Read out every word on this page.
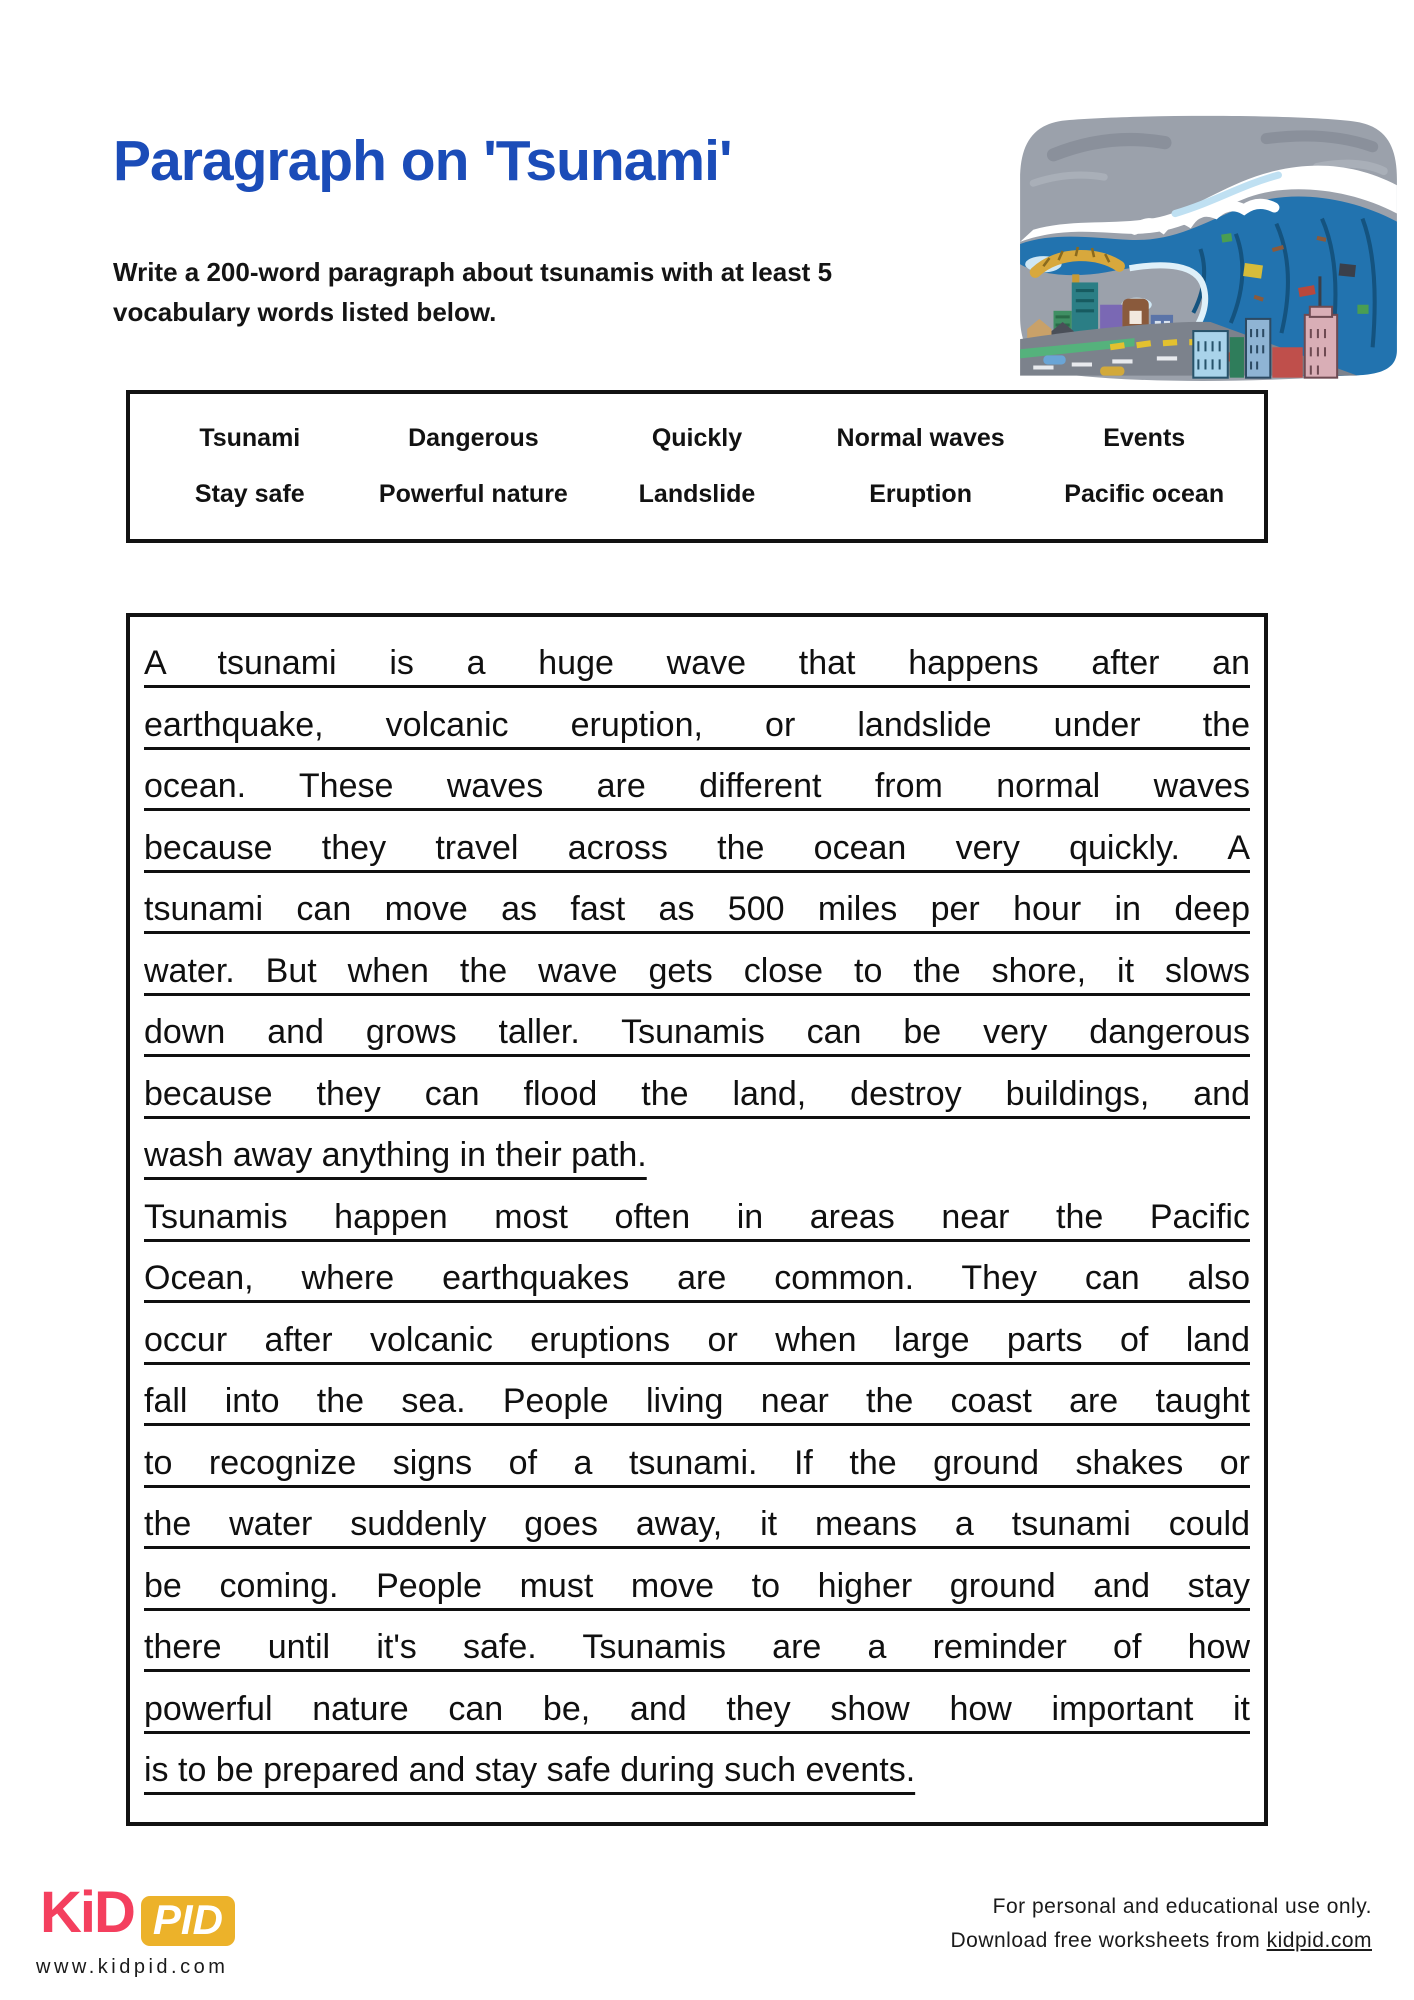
Paragraph on 'Tsunami'
Write a 200-word paragraph about tsunamis with at least 5
vocabulary words listed below.
Tsunami	Dangerous	Quickly	Normal waves	Events
Stay safe	Powerful nature	Landslide	Eruption	Pacific ocean
A tsunami is a huge wave that happens after an
earthquake, volcanic eruption, or landslide under the
ocean. These waves are different from normal waves
because they travel across the ocean very quickly. A
tsunami can move as fast as 500 miles per hour in deep
water. But when the wave gets close to the shore, it slows
down and grows taller. Tsunamis can be very dangerous
because they can flood the land, destroy buildings, and
wash away anything in their path.
Tsunamis happen most often in areas near the Pacific
Ocean, where earthquakes are common. They can also
occur after volcanic eruptions or when large parts of land
fall into the sea. People living near the coast are taught
to recognize signs of a tsunami. If the ground shakes or
the water suddenly goes away, it means a tsunami could
be coming. People must move to higher ground and stay
there until it's safe. Tsunamis are a reminder of how
powerful nature can be, and they show how important it
is to be prepared and stay safe during such events.
KiD PID
www.kidpid.com
For personal and educational use only.
Download free worksheets from kidpid.com
